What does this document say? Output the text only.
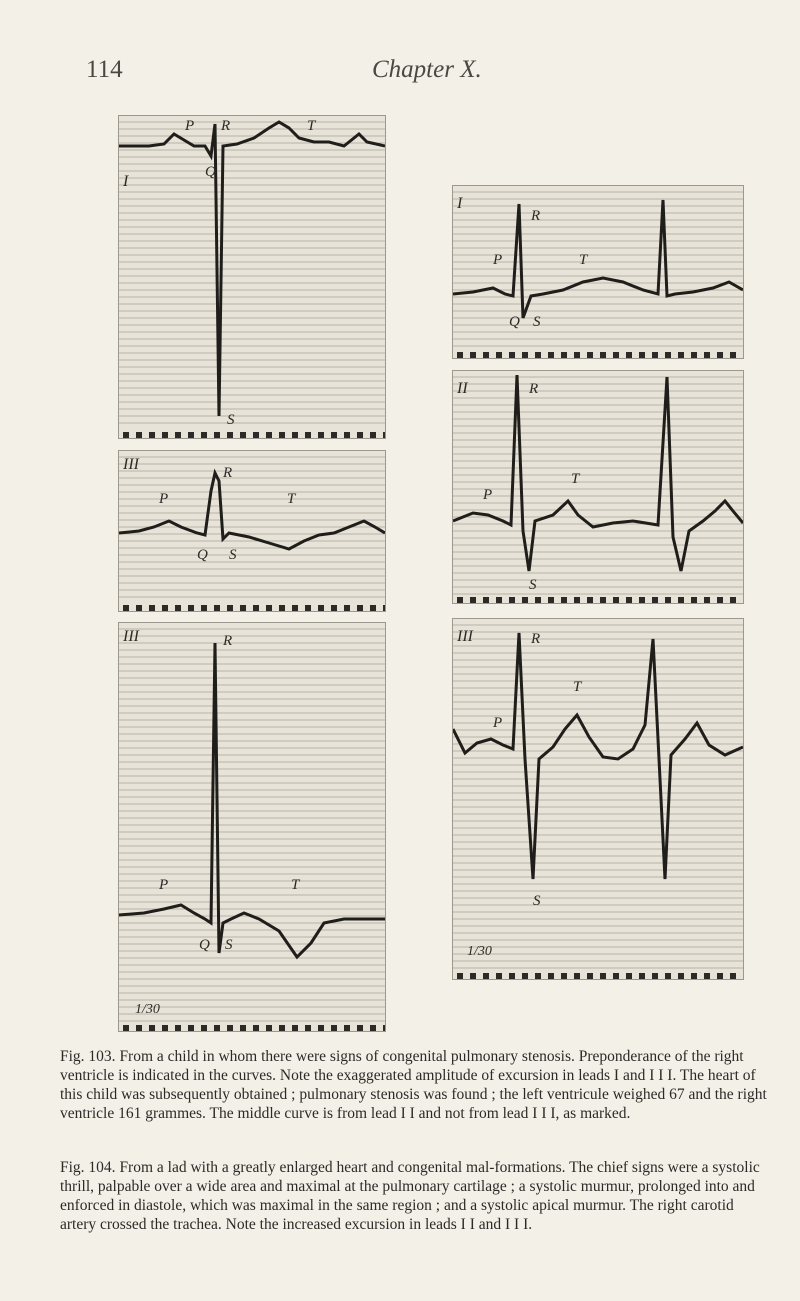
114	Chapter X.
I
P R	T
Q
S
III	R
P	T
Q S
III	R
P	T
Q S
1/30
I
R
P	T
Q S
II	R
P
T
S
III	R
T
P
S
1/30

Fig. 103. From a child in whom there were signs of congenital pulmonary stenosis. Preponderance of the right ventricle is indicated in the curves. Note the exaggerated amplitude of excursion in leads I and I I I. The heart of this child was subsequently obtained ; pulmonary stenosis was found ; the left ventricule weighed 67 and the right ventricle 161 grammes. The middle curve is from lead I I and not from lead I I I, as marked.

Fig. 104. From a lad with a greatly enlarged heart and congenital mal-formations. The chief signs were a systolic thrill, palpable over a wide area and maximal at the pulmonary cartilage ; a systolic murmur, prolonged into and enforced in diastole, which was maximal in the same region ; and a systolic apical murmur. The right carotid artery crossed the trachea. Note the increased excursion in leads I I and I I I.
